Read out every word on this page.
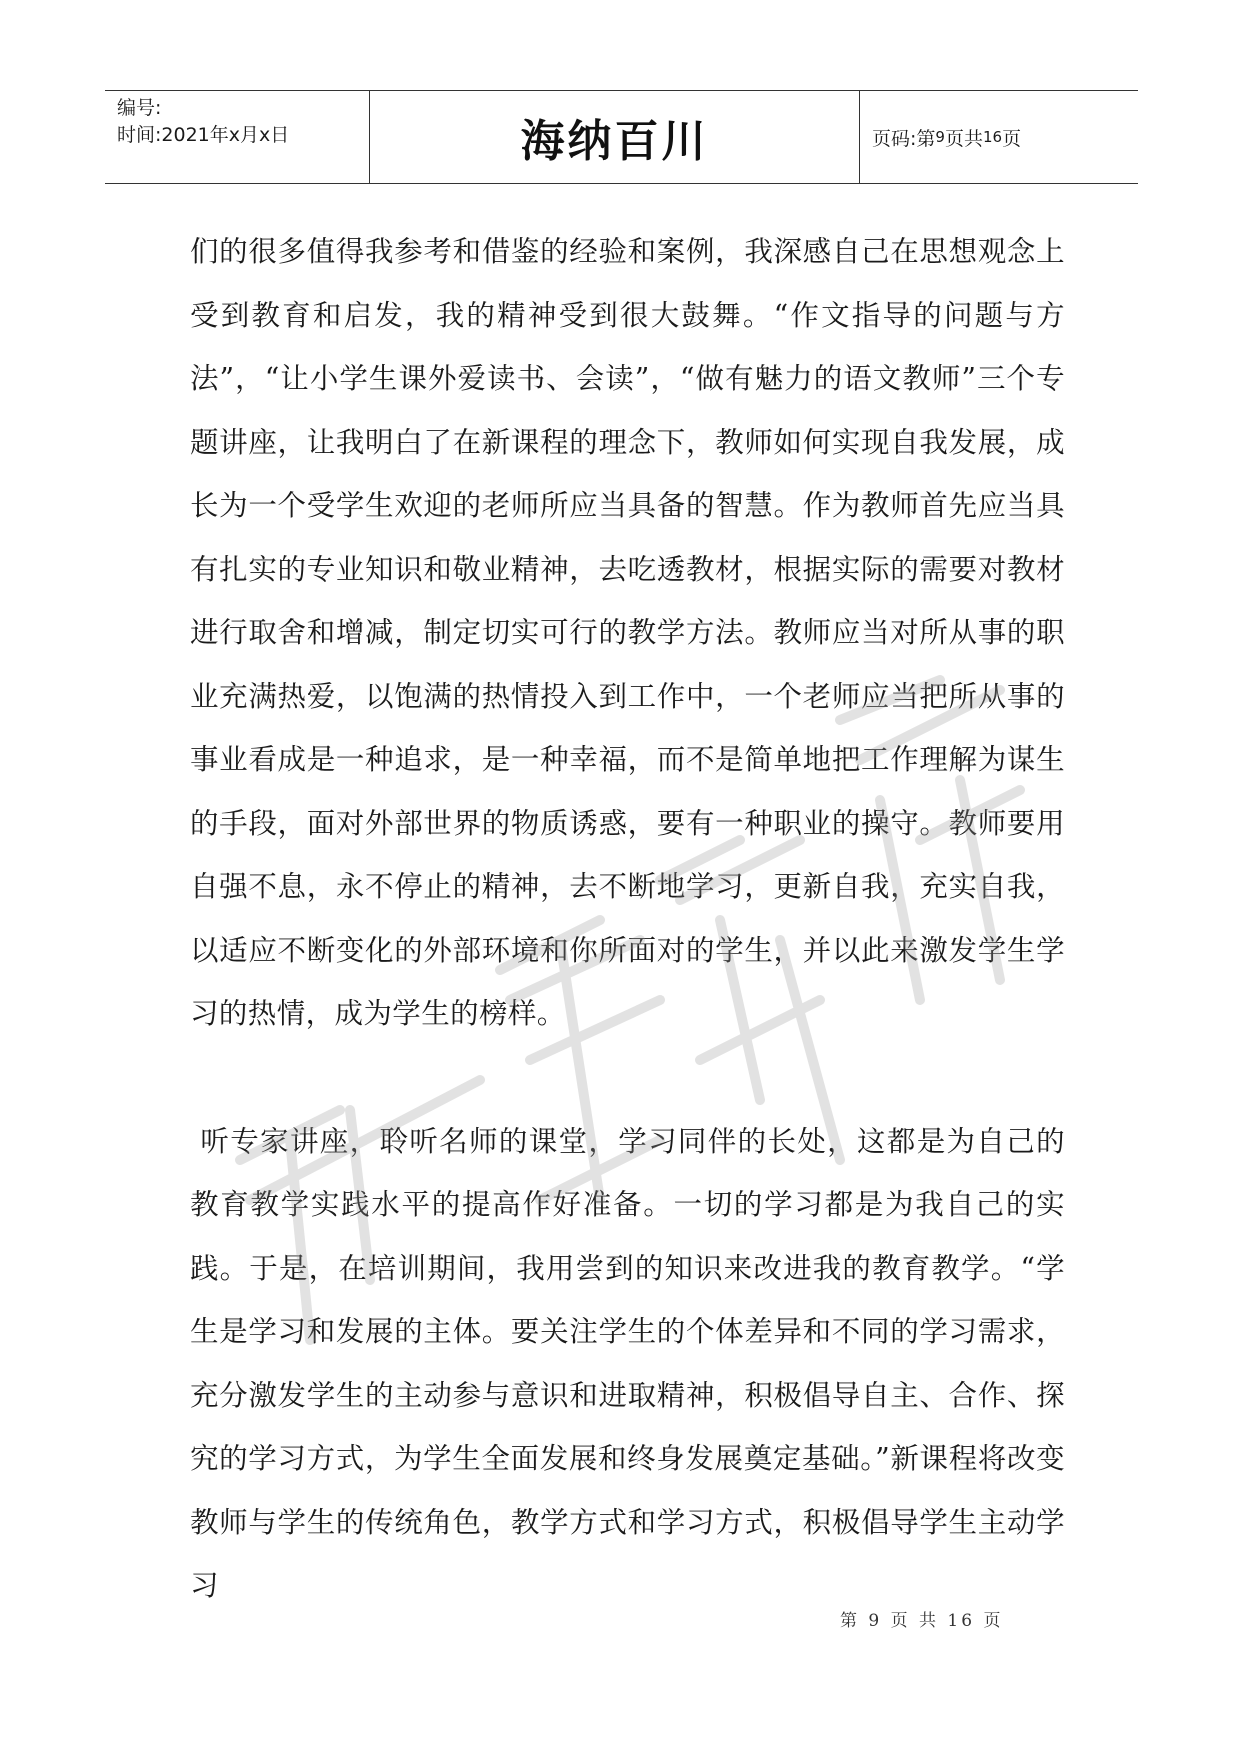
编号:
时间:2021年x月x日	海纳百川	页码: 第 9 页共 16 页

们的很多值得我参考和借鉴的经验和案例，我深感自己在思想观念上受到教育和启发，我的精神受到很大鼓舞。“作文指导的问题与方法”，“让小学生课外爱读书、会读”，“做有魅力的语文教师”三个专题讲座，让我明白了在新课程的理念下，教师如何实现自我发展，成长为一个受学生欢迎的老师所应当具备的智慧。作为教师首先应当具有扎实的专业知识和敬业精神，去吃透教材，根据实际的需要对教材进行取舍和增减，制定切实可行的教学方法。教师应当对所从事的职业充满热爱，以饱满的热情投入到工作中，一个老师应当把所从事的事业看成是一种追求，是一种幸福，而不是简单地把工作理解为谋生的手段，面对外部世界的物质诱惑，要有一种职业的操守。教师要用自强不息，永不停止的精神，去不断地学习，更新自我，充实自我，以适应不断变化的外部环境和你所面对的学生，并以此来激发学生学习的热情，成为学生的榜样。

听专家讲座，聆听名师的课堂，学习同伴的长处，这都是为自己的教育教学实践水平的提高作好准备。一切的学习都是为我自己的实践。于是，在培训期间，我用尝到的知识来改进我的教育教学。“学生是学习和发展的主体。要关注学生的个体差异和不同的学习需求，充分激发学生的主动参与意识和进取精神，积极倡导自主、合作、探究的学习方式，为学生全面发展和终身发展奠定基础。”新课程将改变教师与学生的传统角色，教学方式和学习方式，积极倡导学生主动学习

第 9 页 共 16 页
